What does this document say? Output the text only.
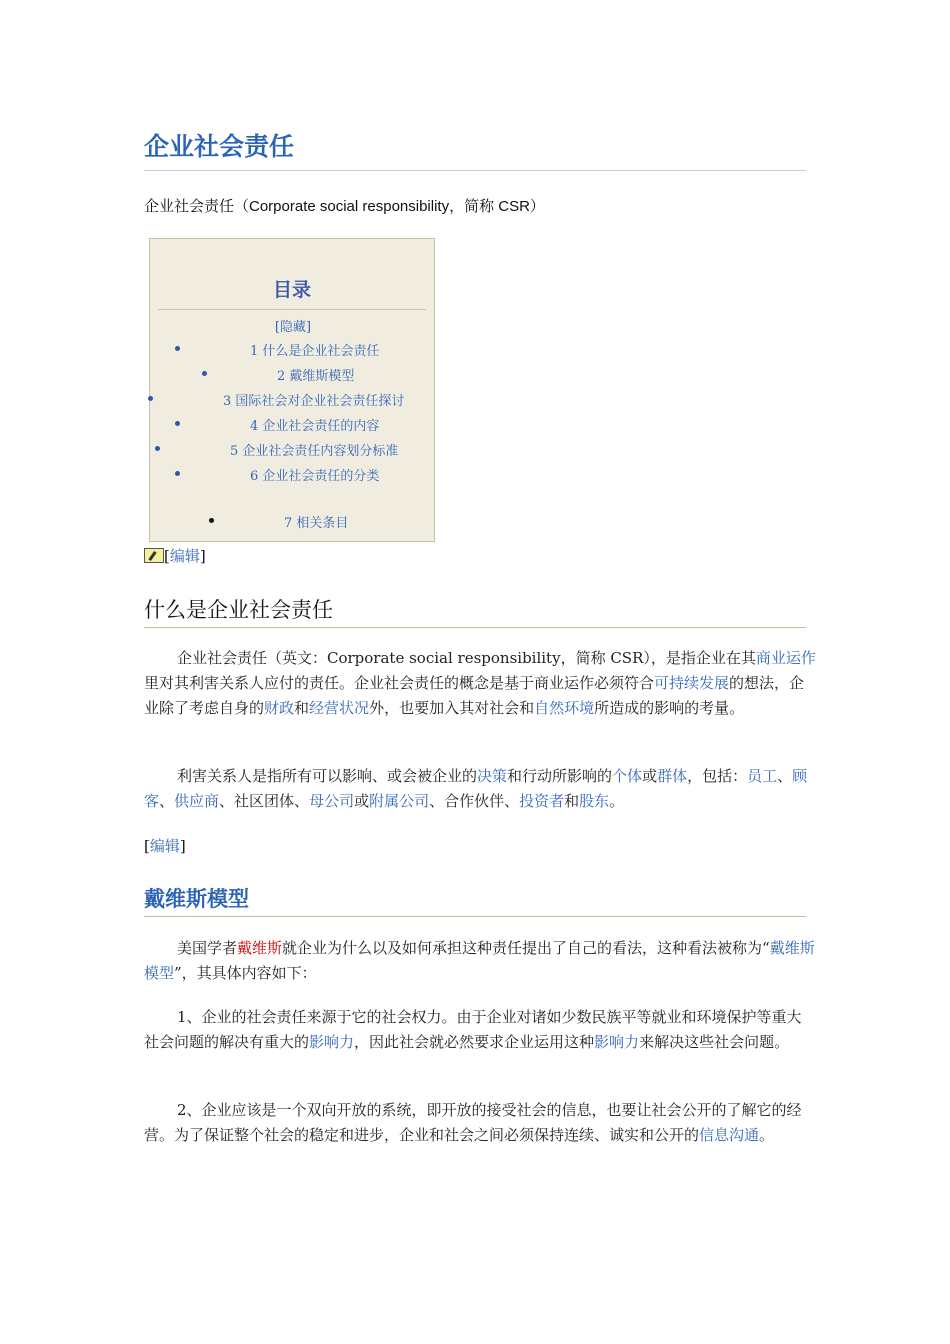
企业社会责任
企业社会责任（Corporate social responsibility，简称 CSR）
目录
[隐藏]
1 什么是企业社会责任
2 戴维斯模型
3 国际社会对企业社会责任探讨
4 企业社会责任的内容
5 企业社会责任内容划分标准
6 企业社会责任的分类
7 相关条目
[编辑]
什么是企业社会责任
企业社会责任（英文：Corporate social responsibility，简称 CSR），是指企业在其商业运作里对其利害关系人应付的责任。企业社会责任的概念是基于商业运作必须符合可持续发展的想法，企业除了考虑自身的财政和经营状况外，也要加入其对社会和自然环境所造成的影响的考量。
利害关系人是指所有可以影响、或会被企业的决策和行动所影响的个体或群体，包括：员工、顾客、供应商、社区团体、母公司或附属公司、合作伙伴、投资者和股东。
[编辑]
戴维斯模型
美国学者戴维斯就企业为什么以及如何承担这种责任提出了自己的看法，这种看法被称为“戴维斯模型”，其具体内容如下：
1、企业的社会责任来源于它的社会权力。由于企业对诸如少数民族平等就业和环境保护等重大社会问题的解决有重大的影响力，因此社会就必然要求企业运用这种影响力来解决这些社会问题。
2、企业应该是一个双向开放的系统，即开放的接受社会的信息，也要让社会公开的了解它的经营。为了保证整个社会的稳定和进步，企业和社会之间必须保持连续、诚实和公开的信息沟通。
